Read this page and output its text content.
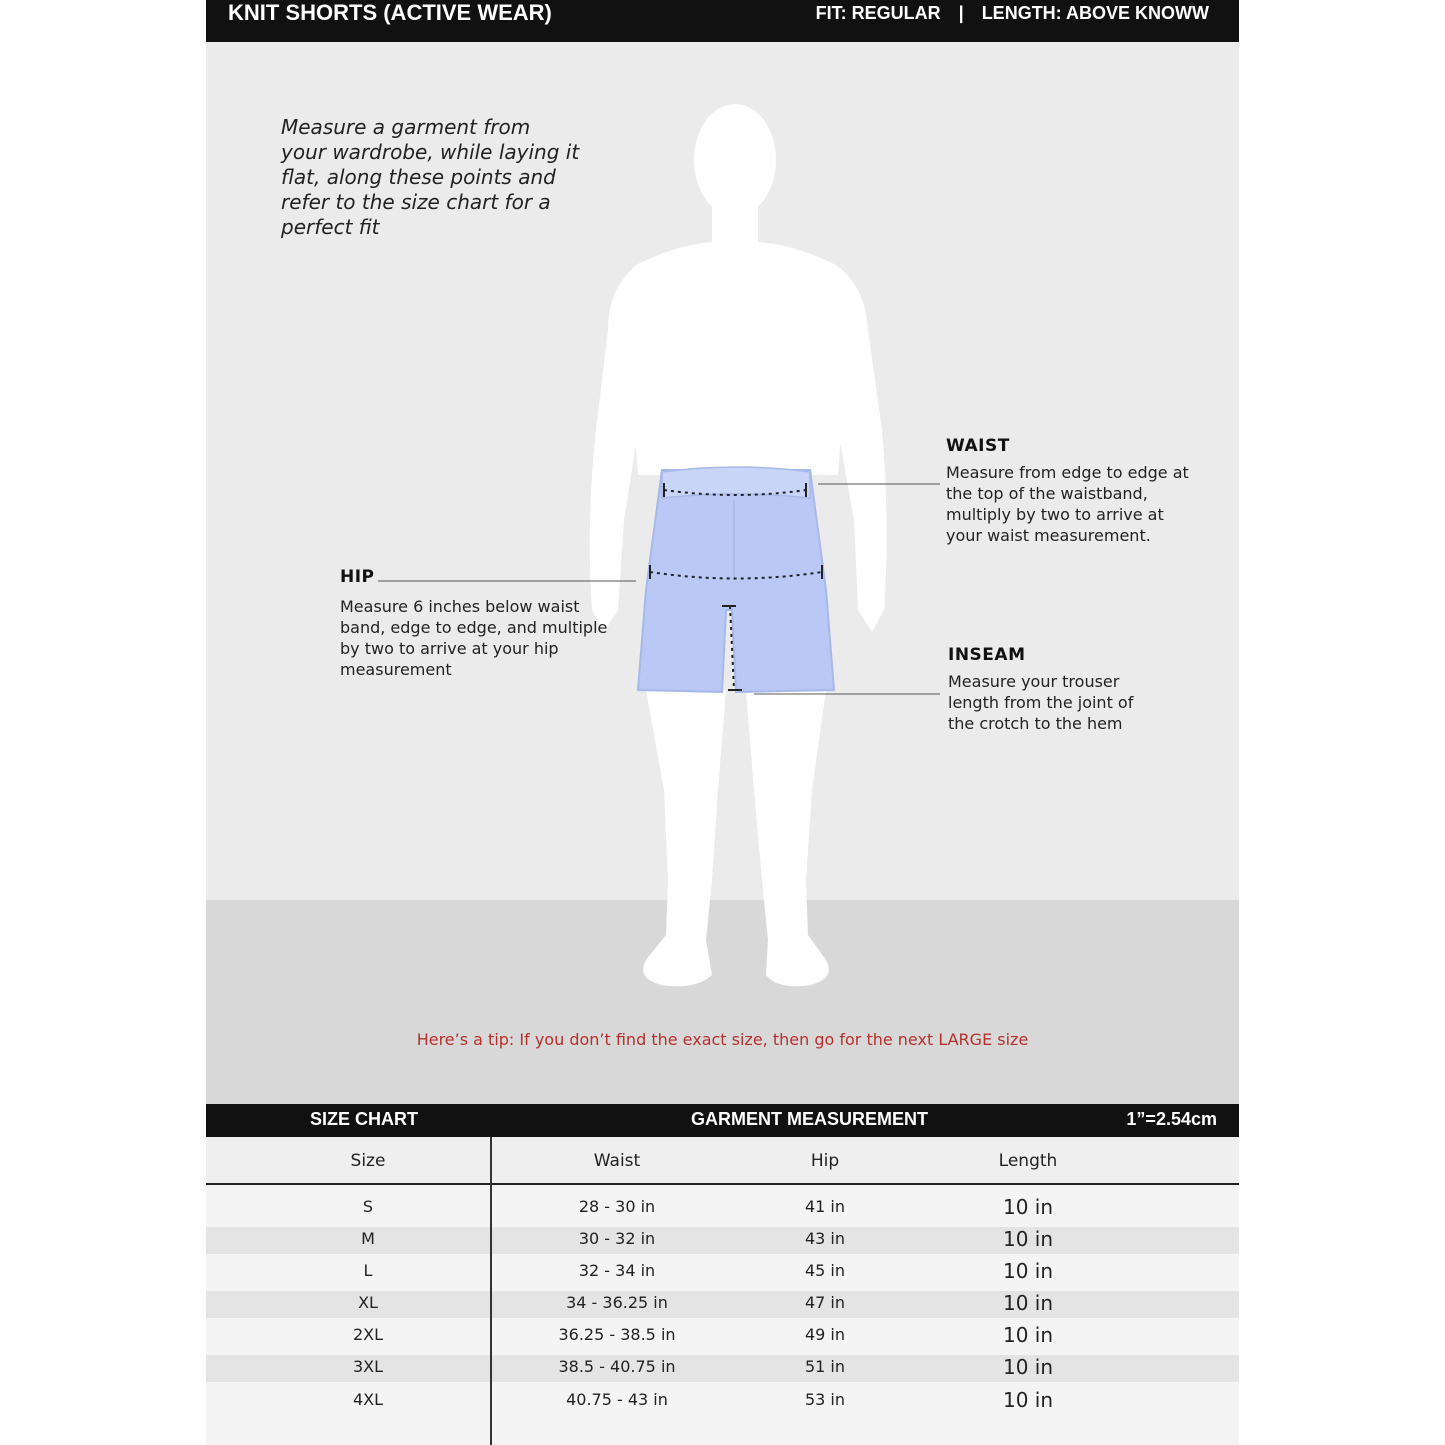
KNIT SHORTS (ACTIVE WEAR)	FIT: REGULAR | LENGTH: ABOVE KNOWW
Measure a garment from your wardrobe, while laying it flat, along these points and refer to the size chart for a perfect fit
WAIST
Measure from edge to edge at the top of the waistband, multiply by two to arrive at your waist measurement.
HIP
Measure 6 inches below waist band, edge to edge, and multiple by two to arrive at your hip measurement
INSEAM
Measure your trouser length from the joint of the crotch to the hem
Here’s a tip: If you don’t find the exact size, then go for the next LARGE size
SIZE CHART	GARMENT MEASUREMENT	1”=2.54cm
Size	Waist	Hip	Length
S	28 - 30 in	41 in	10 in
M	30 - 32 in	43 in	10 in
L	32 - 34 in	45 in	10 in
XL	34 - 36.25 in	47 in	10 in
2XL	36.25 - 38.5 in	49 in	10 in
3XL	38.5 - 40.75 in	51 in	10 in
4XL	40.75 - 43 in	53 in	10 in
